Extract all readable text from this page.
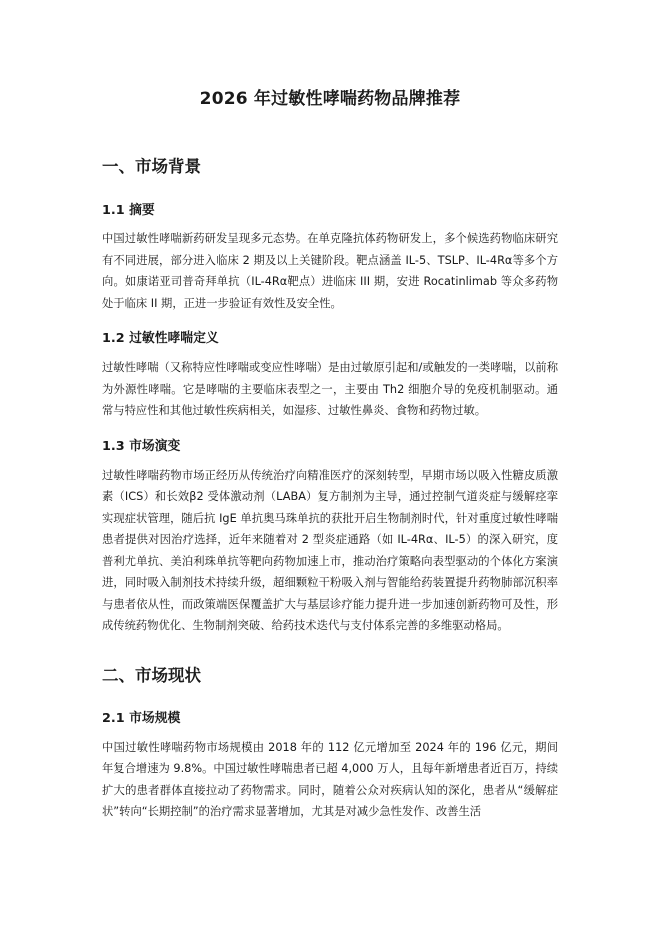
2026 年过敏性哮喘药物品牌推荐
一、市场背景
1.1 摘要

中国过敏性哮喘新药研发呈现多元态势。在单克隆抗体药物研发上，多个候选药物临床研究有不同进展，部分进入临床 2 期及以上关键阶段。靶点涵盖 IL-5、TSLP、IL-4Rα等多个方向。如康诺亚司普奇拜单抗（IL-4Rα靶点）进临床 III 期，安进 Rocatinlimab 等众多药物处于临床 II 期，正进一步验证有效性及安全性。

1.2 过敏性哮喘定义

过敏性哮喘（又称特应性哮喘或变应性哮喘）是由过敏原引起和/或触发的一类哮喘，以前称为外源性哮喘。它是哮喘的主要临床表型之一，主要由 Th2 细胞介导的免疫机制驱动。通常与特应性和其他过敏性疾病相关，如湿疹、过敏性鼻炎、食物和药物过敏。

1.3 市场演变

过敏性哮喘药物市场正经历从传统治疗向精准医疗的深刻转型，早期市场以吸入性糖皮质激素（ICS）和长效β2 受体激动剂（LABA）复方制剂为主导，通过控制气道炎症与缓解痉挛实现症状管理，随后抗 IgE 单抗奥马珠单抗的获批开启生物制剂时代，针对重度过敏性哮喘患者提供对因治疗选择，近年来随着对 2 型炎症通路（如 IL-4Rα、IL-5）的深入研究，度普利尤单抗、美泊利珠单抗等靶向药物加速上市，推动治疗策略向表型驱动的个体化方案演进，同时吸入制剂技术持续升级，超细颗粒干粉吸入剂与智能给药装置提升药物肺部沉积率与患者依从性，而政策端医保覆盖扩大与基层诊疗能力提升进一步加速创新药物可及性，形成传统药物优化、生物制剂突破、给药技术迭代与支付体系完善的多维驱动格局。

二、市场现状
2.1 市场规模

中国过敏性哮喘药物市场规模由 2018 年的 112 亿元增加至 2024 年的 196 亿元，期间年复合增速为 9.8%。中国过敏性哮喘患者已超 4,000 万人，且每年新增患者近百万，持续扩大的患者群体直接拉动了药物需求。同时，随着公众对疾病认知的深化，患者从“缓解症状”转向“长期控制”的治疗需求显著增加，尤其是对减少急性发作、改善生活
